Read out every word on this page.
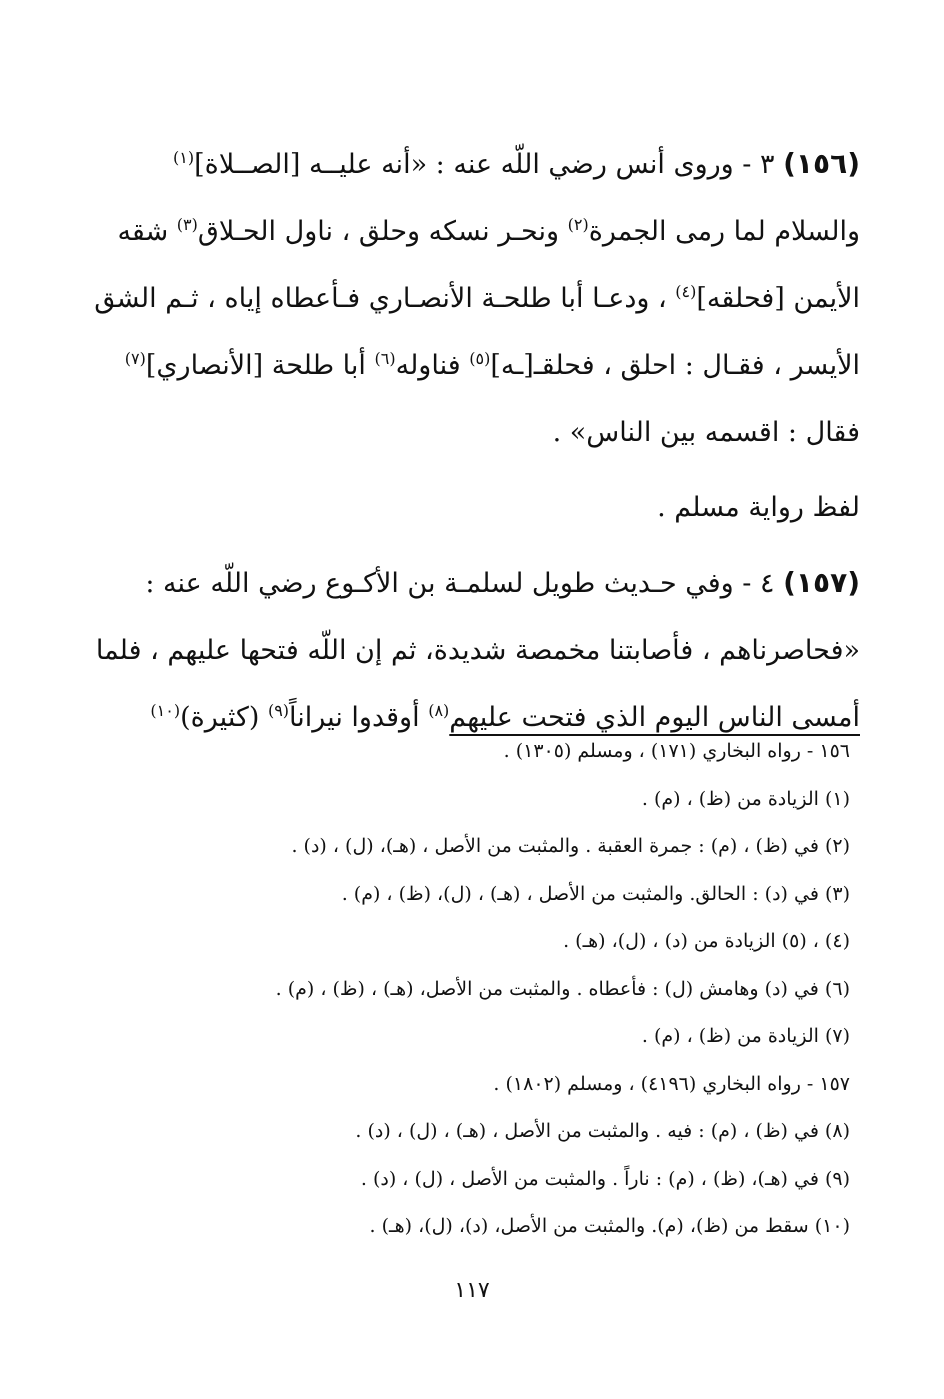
(١٥٦) ٣ - وروى أنس رضي اللّه عنه : «أنه عليــه [الصــلاة]$^{(١)}$

والسلام لما رمى الجمرة$^{(٢)}$ ونحـر نسكه وحلق ، ناول الحـلاق$^{(٣)}$ شقه

الأيمن [فحلقه]$^{(٤)}$ ، ودعـا أبا طلحـة الأنصـاري فـأعطاه إياه ، ثـم الشق

الأيسر ، فقـال : احلق ، فحلقـ[ـه]$^{(٥)}$ فناوله$^{(٦)}$ أبا طلحة [الأنصاري]$^{(٧)}$

فقال : اقسمه بين الناس» .

لفظ رواية مسلم .

(١٥٧) ٤ - وفي حـديث طويل لسلمـة بن الأكـوع رضي اللّه عنه :

«فحاصرناهم ، فأصابتنا مخمصة شديدة، ثم إن اللّه فتحها عليهم ، فلما

أمسى الناس اليوم الذي فتحت عليهم$^{(٨)}$ أوقدوا نيراناً$^{(٩)}$ (كثيرة)$^{(١٠)}$

١٥٦ - رواه البخاري (١٧١) ، ومسلم (١٣٠٥) .
(١) الزيادة من (ظ) ، (م) .
(٢) في (ظ) ، (م) : جمرة العقبة . والمثبت من الأصل ، (هـ)، (ل) ، (د) .
(٣) في (د) : الحالق. والمثبت من الأصل ، (هـ) ، (ل)، (ظ) ، (م) .
(٤) ، (٥) الزيادة من (د) ، (ل)، (هـ) .
(٦) في (د) وهامش (ل) : فأعطاه . والمثبت من الأصل، (هـ) ، (ظ) ، (م) .
(٧) الزيادة من (ظ) ، (م) .
١٥٧ - رواه البخاري (٤١٩٦) ، ومسلم (١٨٠٢) .
(٨) في (ظ) ، (م) : فيه . والمثبت من الأصل ، (هـ) ، (ل) ، (د) .
(٩) في (هـ)، (ظ) ، (م) : ناراً . والمثبت من الأصل ، (ل) ، (د) .
(١٠) سقط من (ظ)، (م). والمثبت من الأصل، (د)، (ل)، (هـ) .
١١٧
